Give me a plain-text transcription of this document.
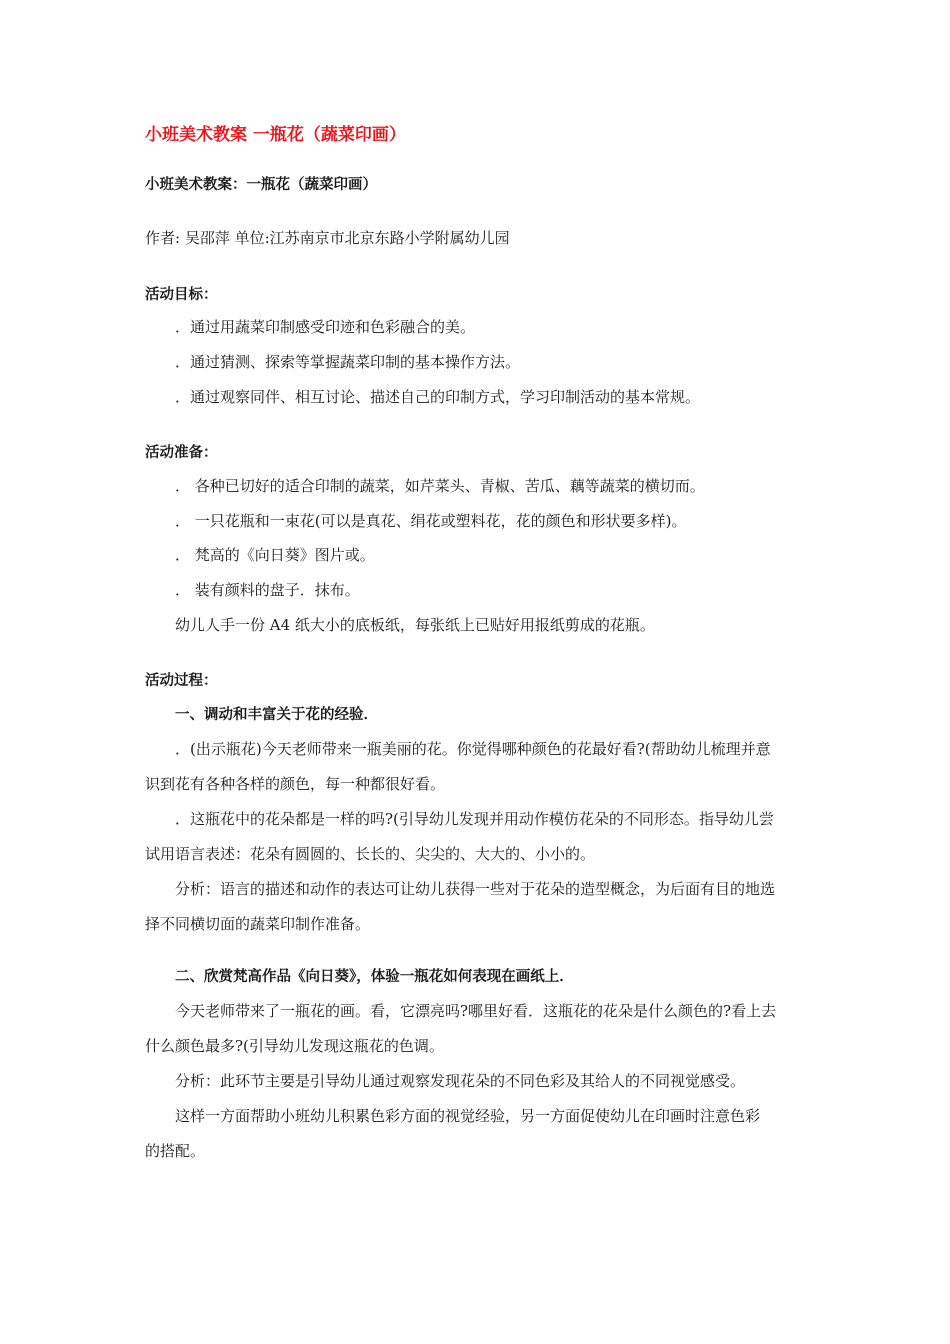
小班美术教案 一瓶花（蔬菜印画）
小班美术教案：一瓶花（蔬菜印画）
作者: 吴邵萍 单位:江苏南京市北京东路小学附属幼儿园
活动目标：
．通过用蔬菜印制感受印迹和色彩融合的美。
．通过猜测、探索等掌握蔬菜印制的基本操作方法。
．通过观察同伴、相互讨论、描述自己的印制方式，学习印制活动的基本常规。
活动准备：
． 各种已切好的适合印制的蔬菜，如芹菜头、青椒、苦瓜、藕等蔬菜的横切而。
． 一只花瓶和一束花(可以是真花、绢花或塑料花，花的颜色和形状要多样)。
． 梵高的《向日葵》图片或。
． 装有颜料的盘子．抹布。
幼儿人手一份 A4 纸大小的底板纸，每张纸上已贴好用报纸剪成的花瓶。
活动过程：
一、调动和丰富关于花的经验．
．(出示瓶花)今天老师带来一瓶美丽的花。你觉得哪种颜色的花最好看?(帮助幼儿梳理并意
识到花有各种各样的颜色，每一种都很好看。
．这瓶花中的花朵都是一样的吗?(引导幼儿发现并用动作模仿花朵的不同形态。指导幼儿尝
试用语言表述：花朵有圆圆的、长长的、尖尖的、大大的、小小的。
分析：语言的描述和动作的表达可让幼儿获得一些对于花朵的造型概念，为后面有目的地选
择不同横切面的蔬菜印制作准备。
二、欣赏梵高作品《向日葵》，体验一瓶花如何表现在画纸上．
今天老师带来了一瓶花的画。看，它漂亮吗?哪里好看．这瓶花的花朵是什么颜色的?看上去
什么颜色最多?(引导幼儿发现这瓶花的色调。
分析：此环节主要是引导幼儿通过观察发现花朵的不同色彩及其给人的不同视觉感受。
这样一方面帮助小班幼儿积累色彩方面的视觉经验，另一方面促使幼儿在印画时注意色彩
的搭配。
